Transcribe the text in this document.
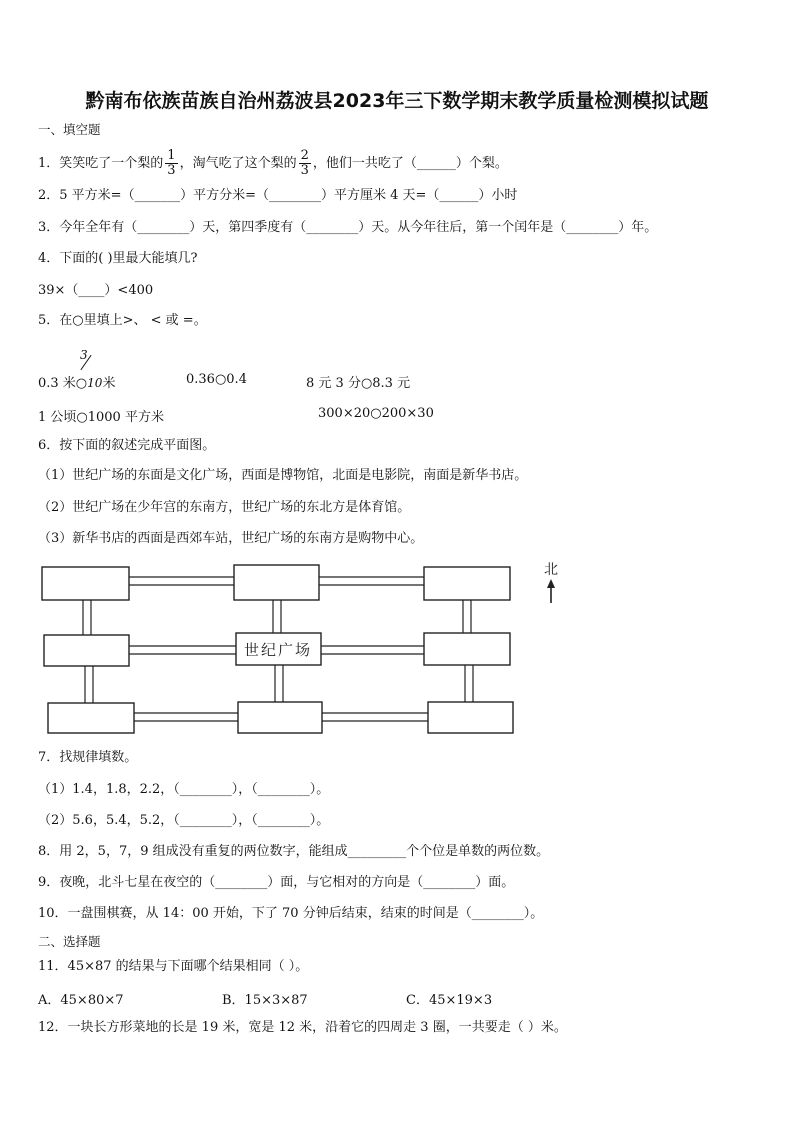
黔南布依族苗族自治州荔波县2023年三下数学期末教学质量检测模拟试题
一、填空题
1．笑笑吃了一个梨的 $\frac{1}{3}$ ，淘气吃了这个梨的 $\frac{2}{3}$ ，他们一共吃了（______）个梨。
2．5 平方米=（_______）平方分米=（________）平方厘米 4 天=（______）小时
3．今年全年有（________）天，第四季度有（________）天。从今年往后，第一个闰年是（________）年。
4．下面的( )里最大能填几?
39×（____）<400
5．在○里填上>、 < 或 =。
3
0.3 米○10米	0.36○0.4	8 元 3 分○8.3 元
1 公顷○1000 平方米	300×20○200×30
6．按下面的叙述完成平面图。
（1）世纪广场的东面是文化广场，西面是博物馆，北面是电影院，南面是新华书店。
（2）世纪广场在少年宫的东南方，世纪广场的东北方是体育馆。
（3）新华书店的西面是西郊车站，世纪广场的东南方是购物中心。
世纪广场
北
7．找规律填数。
（1）1.4，1.8，2.2，（________），（________）。
（2）5.6，5.4，5.2，（________），（________）。
8．用 2，5，7，9 组成没有重复的两位数字，能组成_________个个位是单数的两位数。
9．夜晚，北斗七星在夜空的（________）面，与它相对的方向是（________）面。
10．一盘围棋赛，从 14：00 开始，下了 70 分钟后结束，结束的时间是（________）。
二、选择题
11．45×87 的结果与下面哪个结果相同（ ）。
A．45×80×7	B．15×3×87	C．45×19×3
12．一块长方形菜地的长是 19 米，宽是 12 米，沿着它的四周走 3 圈，一共要走（ ）米。
